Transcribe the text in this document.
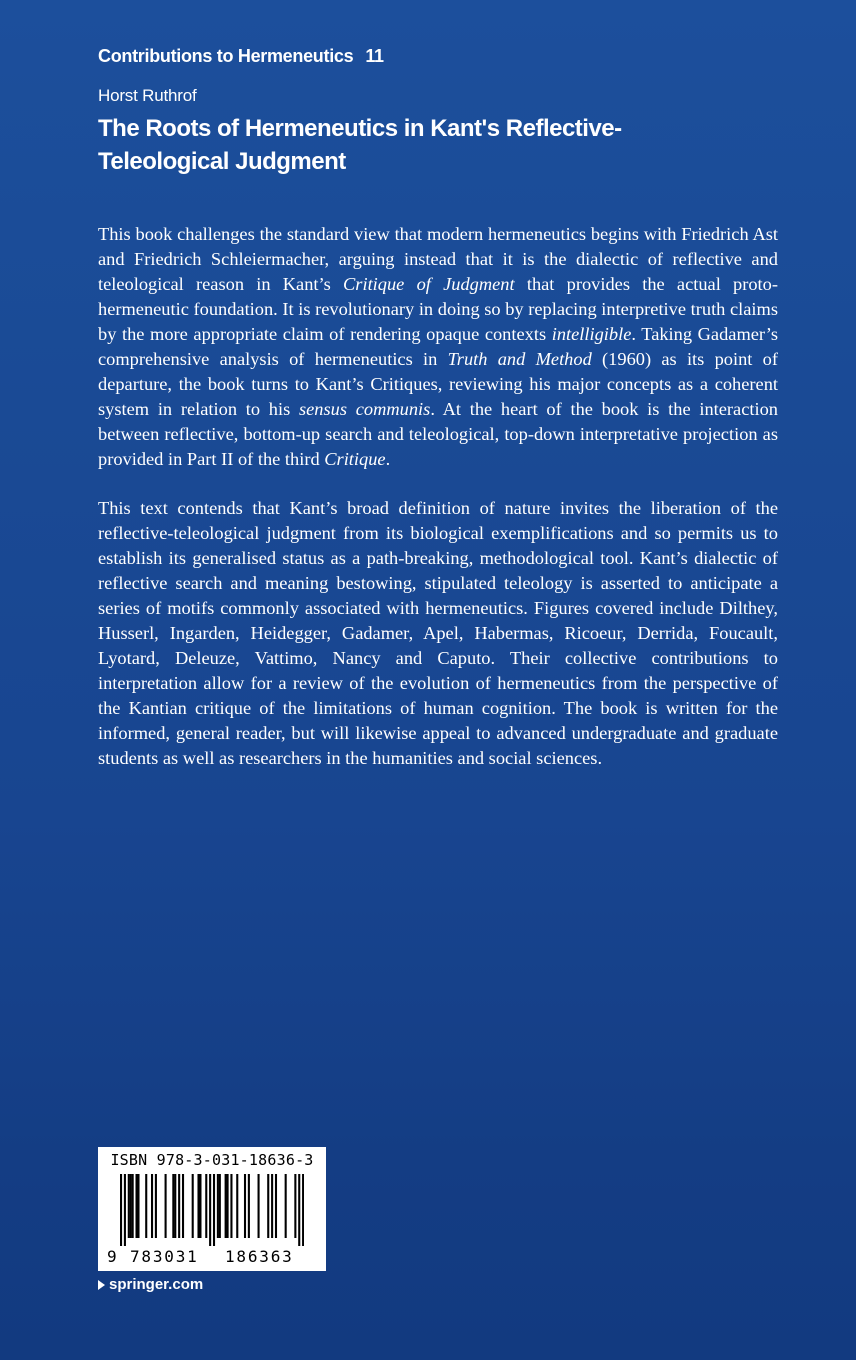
Contributions to Hermeneutics 11
Horst Ruthrof
The Roots of Hermeneutics in Kant's Reflective-Teleological Judgment

This book challenges the standard view that modern hermeneutics begins with Friedrich Ast and Friedrich Schleiermacher, arguing instead that it is the dialectic of reflective and teleological reason in Kant’s Critique of Judgment that provides the actual proto-hermeneutic foundation. It is revolutionary in doing so by replacing interpretive truth claims by the more appropriate claim of rendering opaque contexts intelligible. Taking Gadamer’s comprehensive analysis of hermeneutics in Truth and Method (1960) as its point of departure, the book turns to Kant’s Critiques, reviewing his major concepts as a coherent system in relation to his sensus communis. At the heart of the book is the interaction between reflective, bottom-up search and teleological, top-down interpretative projection as provided in Part II of the third Critique.

This text contends that Kant’s broad definition of nature invites the liberation of the reflective-teleological judgment from its biological exemplifications and so permits us to establish its generalised status as a path-breaking, methodological tool. Kant’s dialectic of reflective search and meaning bestowing, stipulated teleology is asserted to anticipate a series of motifs commonly associated with hermeneutics. Figures covered include Dilthey, Husserl, Ingarden, Heidegger, Gadamer, Apel, Habermas, Ricoeur, Derrida, Foucault, Lyotard, Deleuze, Vattimo, Nancy and Caputo. Their collective contributions to interpretation allow for a review of the evolution of hermeneutics from the perspective of the Kantian critique of the limitations of human cognition. The book is written for the informed, general reader, but will likewise appeal to advanced undergraduate and graduate students as well as researchers in the humanities and social sciences.

ISBN 978-3-031-18636-3
9 783031 186363
springer.com
